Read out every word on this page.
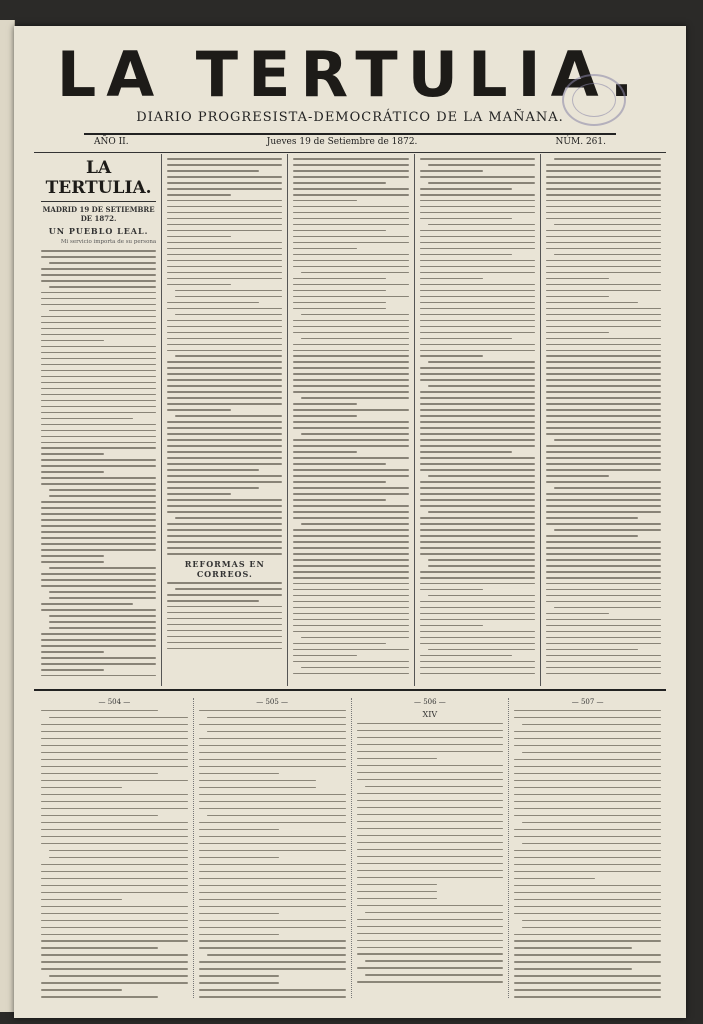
LA TERTULIA.
DIARIO PROGRESISTA-DEMOCRÁTICO DE LA MAÑANA.
AÑO II.	Jueves 19 de Setiembre de 1872.	NÚM. 261.
LA TERTULIA.
MADRID 19 DE SETIEMBRE DE 1872.
UN PUEBLO LEAL.
Mi servicio importa de su persona
REFORMAS EN CORREOS.
— 504 —	— 505 —	— 506 —
XIV
— 507 —
